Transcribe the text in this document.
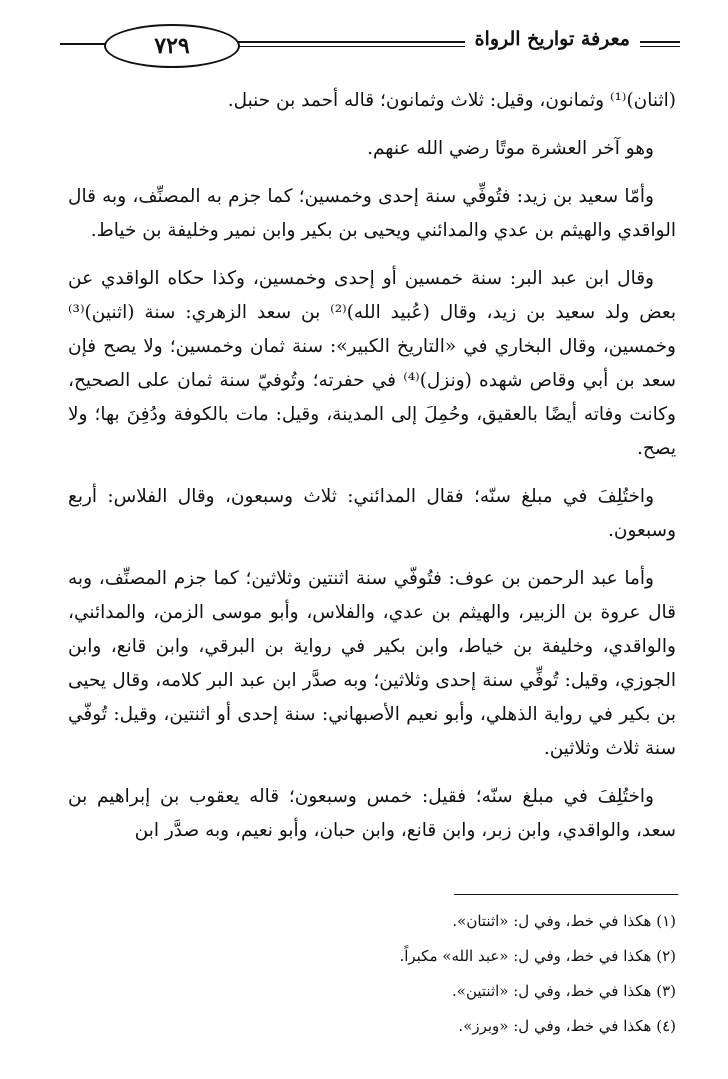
٧٢٩	معرفة تواريخ الرواة

(اثنان)⁽¹⁾ وثمانون، وقيل: ثلاث وثمانون؛ قاله أحمد بن حنبل.

وهو آخر العشرة موتًا رضي الله عنهم.

وأمّا سعيد بن زيد: فتُوفِّي سنة إحدى وخمسين؛ كما جزم به المصنِّف، وبه قال الواقدي والهيثم بن عدي والمدائني ويحيى بن بكير وابن نمير وخليفة بن خياط.

وقال ابن عبد البر: سنة خمسين أو إحدى وخمسين، وكذا حكاه الواقدي عن بعض ولد سعيد بن زيد، وقال (عُبيد الله)⁽²⁾ بن سعد الزهري: سنة (اثنين)⁽³⁾ وخمسين، وقال البخاري في «التاريخ الكبير»: سنة ثمان وخمسين؛ ولا يصح فإن سعد بن أبي وقاص شهده (ونزل)⁽⁴⁾ في حفرته؛ وتُوفيّ سنة ثمان على الصحيح، وكانت وفاته أيضًا بالعقيق، وحُمِلَ إلى المدينة، وقيل: مات بالكوفة ودُفِنَ بها؛ ولا يصح.

واختُلِفَ في مبلغ سنّه؛ فقال المدائني: ثلاث وسبعون، وقال الفلاس: أربع وسبعون.

وأما عبد الرحمن بن عوف: فتُوفّي سنة اثنتين وثلاثين؛ كما جزم المصنِّف، وبه قال عروة بن الزبير، والهيثم بن عدي، والفلاس، وأبو موسى الزمن، والمدائني، والواقدي، وخليفة بن خياط، وابن بكير في رواية بن البرقي، وابن قانع، وابن الجوزي، وقيل: تُوفِّي سنة إحدى وثلاثين؛ وبه صدَّر ابن عبد البر كلامه، وقال يحيى بن بكير في رواية الذهلي، وأبو نعيم الأصبهاني: سنة إحدى أو اثنتين، وقيل: تُوفّي سنة ثلاث وثلاثين.

واختُلِفَ في مبلغ سنّه؛ فقيل: خمس وسبعون؛ قاله يعقوب بن إبراهيم بن سعد، والواقدي، وابن زبر، وابن قانع، وابن حبان، وأبو نعيم، وبه صدَّر ابن

(١) هكذا في خط، وفي ل: «اثنتان».

(٢) هكذا في خط، وفي ل: «عبد الله» مكبراً.

(٣) هكذا في خط، وفي ل: «اثنتين».

(٤) هكذا في خط، وفي ل: «وبرز».
